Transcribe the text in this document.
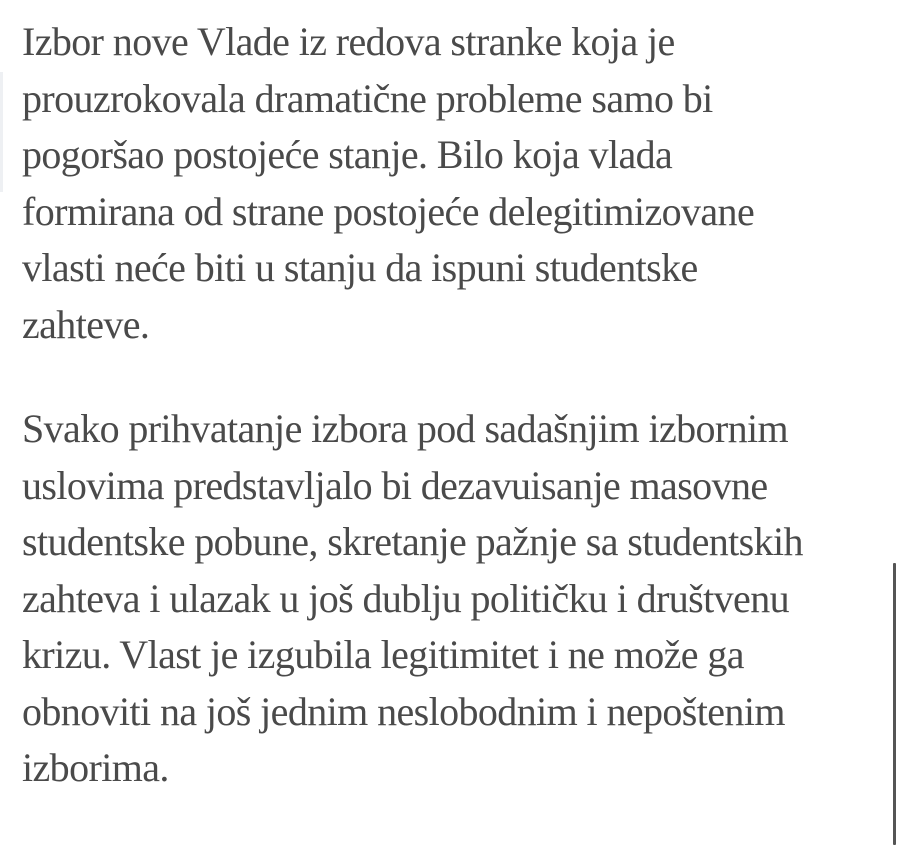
Izbor nove Vlade iz redova stranke koja je
prouzrokovala dramatične probleme samo bi
pogoršao postojeće stanje. Bilo koja vlada
formirana od strane postojeće delegitimizovane
vlasti neće biti u stanju da ispuni studentske
zahteve.

Svako prihvatanje izbora pod sadašnjim izbornim
uslovima predstavljalo bi dezavuisanje masovne
studentske pobune, skretanje pažnje sa studentskih
zahteva i ulazak u još dublju političku i društvenu
krizu. Vlast je izgubila legitimitet i ne može ga
obnoviti na još jednim neslobodnim i nepoštenim
izborima.
